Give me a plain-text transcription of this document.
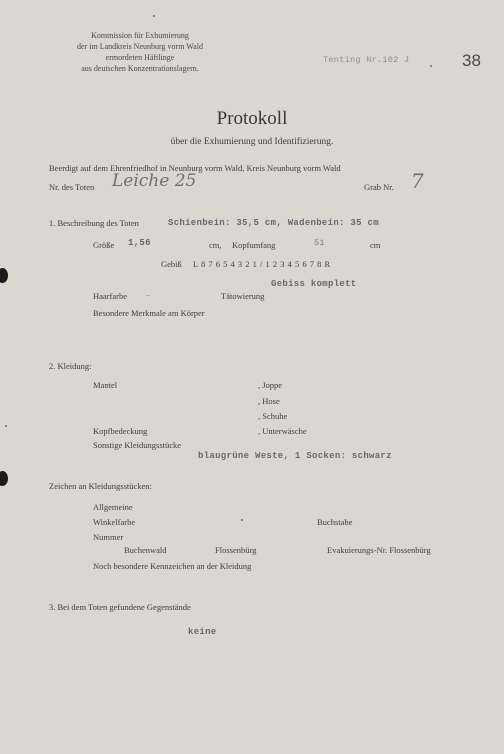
Kommission für Exhumierung
der im Landkreis Neunburg vorm Wald
ermordeten Häftlinge
aus deutschen Konzentrationslagern.
Tenting Nr.102 J	38
Protokoll
über die Exhumierung und Identifizierung.
Beerdigt auf dem Ehrenfriedhof in Neunburg vorm Wald, Kreis Neunburg vorm Wald
Nr. des Toten Leiche 25	Grab Nr. 7
1. Beschreibung des Toten	Schienbein: 35,5 cm, Wadenbein: 35 cm
Größe 1,56	cm, Kopfumfang	51	cm
Gebiß L 8 7 6 5 4 3 2 1 / 1 2 3 4 5 6 7 8 R
Gebiss komplett
Haarfarbe –	Tätowierung
Besondere Merkmale am Körper
2. Kleidung:
Mantel	, Joppe
, Hose
, Schuhe
Kopfbedeckung	, Unterwäsche
Sonstige Kleidungsstücke
blaugrüne Weste, 1 Socken: schwarz
Zeichen an Kleidungsstücken:
Allgemeine
Winkelfarbe	Buchstabe
Nummer
Buchenwald	Flossenbürg	Evakuierungs-Nr. Flossenbürg
Noch besondere Kennzeichen an der Kleidung
3. Bei dem Toten gefundene Gegenstände
keine
